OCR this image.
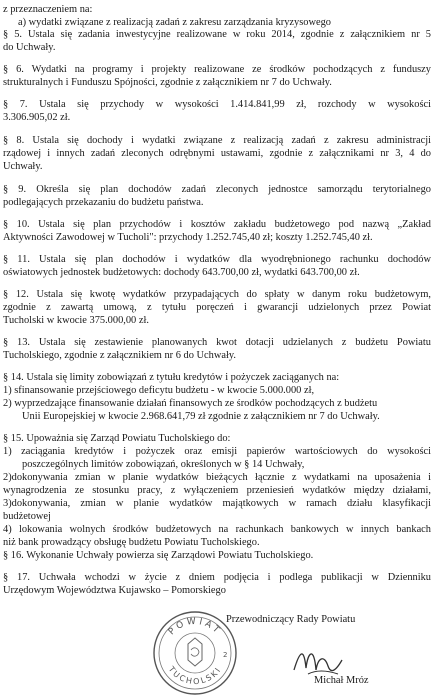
z przeznaczeniem na:
a) wydatki związane z realizacją zadań z zakresu zarządzania kryzysowego
§ 5. Ustala się zadania inwestycyjne realizowane w roku 2014, zgodnie z załącznikiem nr 5
do Uchwały.
§ 6. Wydatki na programy i projekty realizowane ze środków pochodzących z funduszy
strukturalnych i Funduszu Spójności, zgodnie z załącznikiem nr 7 do Uchwały.
§ 7. Ustala się przychody w wysokości 1.414.841,99 zł, rozchody w wysokości
3.306.905,02 zł.
§ 8. Ustala się dochody i wydatki związane z realizacją zadań z zakresu administracji
rządowej i innych zadań zleconych odrębnymi ustawami, zgodnie z załącznikami nr 3, 4 do
Uchwały.
§ 9. Określa się plan dochodów zadań zleconych jednostce samorządu terytorialnego
podlegających przekazaniu do budżetu państwa.
§ 10. Ustala się plan przychodów i kosztów zakładu budżetowego pod nazwą „Zakład
Aktywności Zawodowej w Tucholi": przychody 1.252.745,40 zł; koszty 1.252.745,40 zł.
§ 11. Ustala się plan dochodów i wydatków dla wyodrębnionego rachunku dochodów
oświatowych jednostek budżetowych: dochody 643.700,00 zł, wydatki 643.700,00 zł.
§ 12. Ustala się kwotę wydatków przypadających do spłaty w danym roku budżetowym,
zgodnie z zawartą umową, z tytułu poręczeń i gwarancji udzielonych przez Powiat
Tucholski w kwocie 375.000,00 zł.
§ 13. Ustala się zestawienie planowanych kwot dotacji udzielanych z budżetu Powiatu
Tucholskiego, zgodnie z załącznikiem nr 6 do Uchwały.
§ 14. Ustala się limity zobowiązań z tytułu kredytów i pożyczek zaciąganych na:
1) sfinansowanie przejściowego deficytu budżetu - w kwocie 5.000.000 zł,
2) wyprzedzające finansowanie działań finansowych ze środków pochodzących z budżetu
Unii Europejskiej w kwocie 2.968.641,79 zł zgodnie z załącznikiem nr 7 do Uchwały.
§ 15. Upoważnia się Zarząd Powiatu Tucholskiego do:
1) zaciągania kredytów i pożyczek oraz emisji papierów wartościowych do wysokości
poszczególnych limitów zobowiązań, określonych w § 14 Uchwały,
2)dokonywania zmian w planie wydatków bieżących łącznie z wydatkami na uposażenia i
wynagrodzenia ze stosunku pracy, z wyłączeniem przeniesień wydatków między działami,
3)dokonywania, zmian w planie wydatków majątkowych w ramach działu klasyfikacji
budżetowej
4) lokowania wolnych środków budżetowych na rachunkach bankowych w innych bankach
niż bank prowadzący obsługę budżetu Powiatu Tucholskiego.
§ 16. Wykonanie Uchwały powierza się Zarządowi Powiatu Tucholskiego.
§ 17. Uchwała wchodzi w życie z dniem podjęcia i podlega publikacji w Dzienniku
Urzędowym Województwa Kujawsko – Pomorskiego
Przewodniczący Rady Powiatu
Michał Mróz
POWIAT
TUCHOLSKI
2
